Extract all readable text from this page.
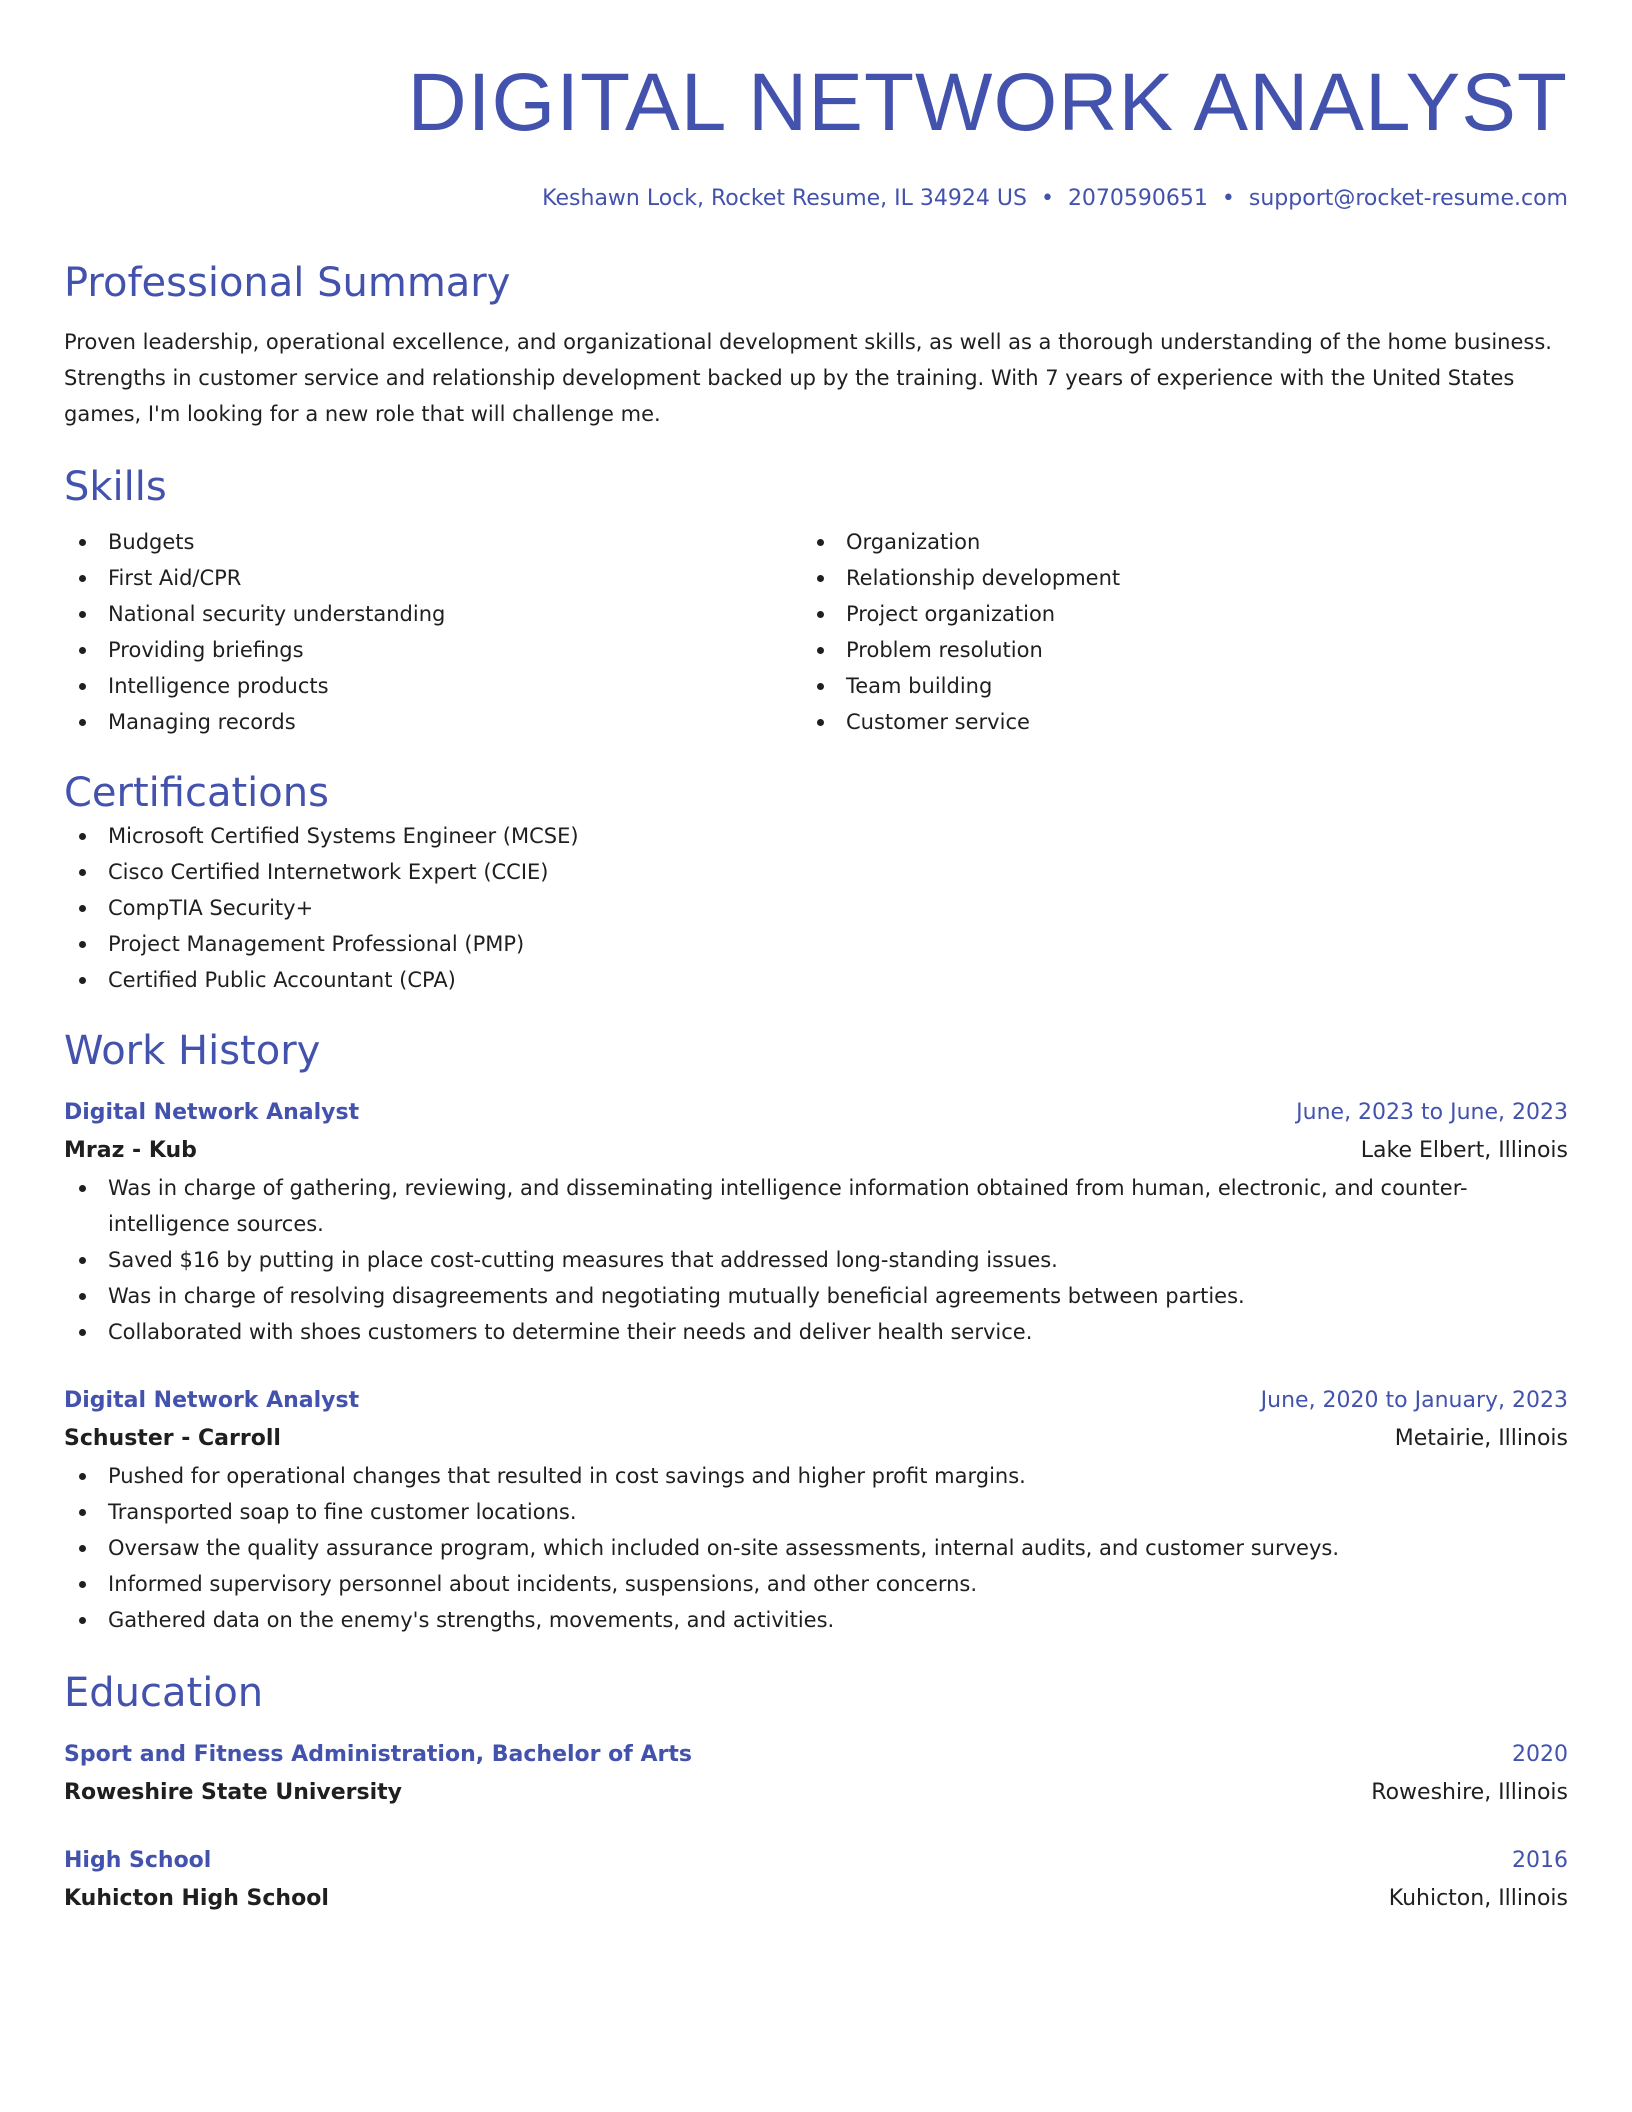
DIGITAL NETWORK ANALYST
Keshawn Lock, Rocket Resume, IL 34924 US • 2070590651 • support@rocket-resume.com
Professional Summary
Proven leadership, operational excellence, and organizational development skills, as well as a thorough understanding of the home business. Strengths in customer service and relationship development backed up by the training. With 7 years of experience with the United States games, I'm looking for a new role that will challenge me.
Skills
Budgets
First Aid/CPR
National security understanding
Providing briefings
Intelligence products
Managing records
Organization
Relationship development
Project organization
Problem resolution
Team building
Customer service
Certifications
Microsoft Certified Systems Engineer (MCSE)
Cisco Certified Internetwork Expert (CCIE)
CompTIA Security+
Project Management Professional (PMP)
Certified Public Accountant (CPA)
Work History
Digital Network Analyst	June, 2023 to June, 2023
Mraz - Kub	Lake Elbert, Illinois
Was in charge of gathering, reviewing, and disseminating intelligence information obtained from human, electronic, and counter-intelligence sources.
Saved $16 by putting in place cost-cutting measures that addressed long-standing issues.
Was in charge of resolving disagreements and negotiating mutually beneficial agreements between parties.
Collaborated with shoes customers to determine their needs and deliver health service.
Digital Network Analyst	June, 2020 to January, 2023
Schuster - Carroll	Metairie, Illinois
Pushed for operational changes that resulted in cost savings and higher profit margins.
Transported soap to fine customer locations.
Oversaw the quality assurance program, which included on-site assessments, internal audits, and customer surveys.
Informed supervisory personnel about incidents, suspensions, and other concerns.
Gathered data on the enemy's strengths, movements, and activities.
Education
Sport and Fitness Administration, Bachelor of Arts	2020
Roweshire State University	Roweshire, Illinois
High School	2016
Kuhicton High School	Kuhicton, Illinois
